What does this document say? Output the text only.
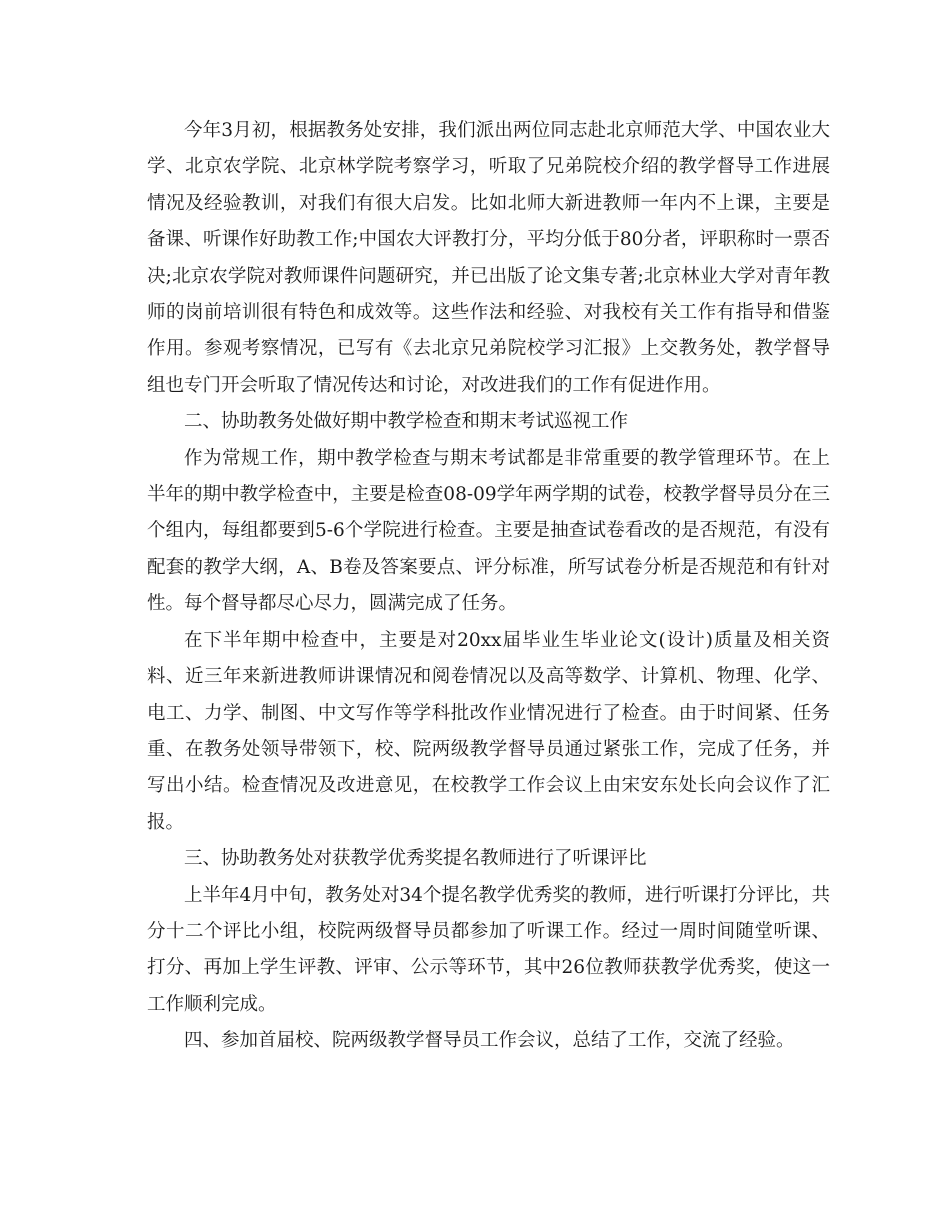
今年3月初，根据教务处安排，我们派出两位同志赴北京师范大学、中国农业大学、北京农学院、北京林学院考察学习，听取了兄弟院校介绍的教学督导工作进展情况及经验教训，对我们有很大启发。比如北师大新进教师一年内不上课，主要是备课、听课作好助教工作;中国农大评教打分，平均分低于80分者，评职称时一票否决;北京农学院对教师课件问题研究，并已出版了论文集专著;北京林业大学对青年教师的岗前培训很有特色和成效等。这些作法和经验、对我校有关工作有指导和借鉴作用。参观考察情况，已写有《去北京兄弟院校学习汇报》上交教务处，教学督导组也专门开会听取了情况传达和讨论，对改进我们的工作有促进作用。

二、协助教务处做好期中教学检查和期末考试巡视工作

作为常规工作，期中教学检查与期末考试都是非常重要的教学管理环节。在上半年的期中教学检查中，主要是检查08-09学年两学期的试卷，校教学督导员分在三个组内，每组都要到5-6个学院进行检查。主要是抽查试卷看改的是否规范，有没有配套的教学大纲，A、B卷及答案要点、评分标准，所写试卷分析是否规范和有针对性。每个督导都尽心尽力，圆满完成了任务。

在下半年期中检查中，主要是对20xx届毕业生毕业论文(设计)质量及相关资料、近三年来新进教师讲课情况和阅卷情况以及高等数学、计算机、物理、化学、电工、力学、制图、中文写作等学科批改作业情况进行了检查。由于时间紧、任务重、在教务处领导带领下，校、院两级教学督导员通过紧张工作，完成了任务，并写出小结。检查情况及改进意见，在校教学工作会议上由宋安东处长向会议作了汇报。

三、协助教务处对获教学优秀奖提名教师进行了听课评比

上半年4月中旬，教务处对34个提名教学优秀奖的教师，进行听课打分评比，共分十二个评比小组，校院两级督导员都参加了听课工作。经过一周时间随堂听课、打分、再加上学生评教、评审、公示等环节，其中26位教师获教学优秀奖，使这一工作顺利完成。

四、参加首届校、院两级教学督导员工作会议，总结了工作，交流了经验。
